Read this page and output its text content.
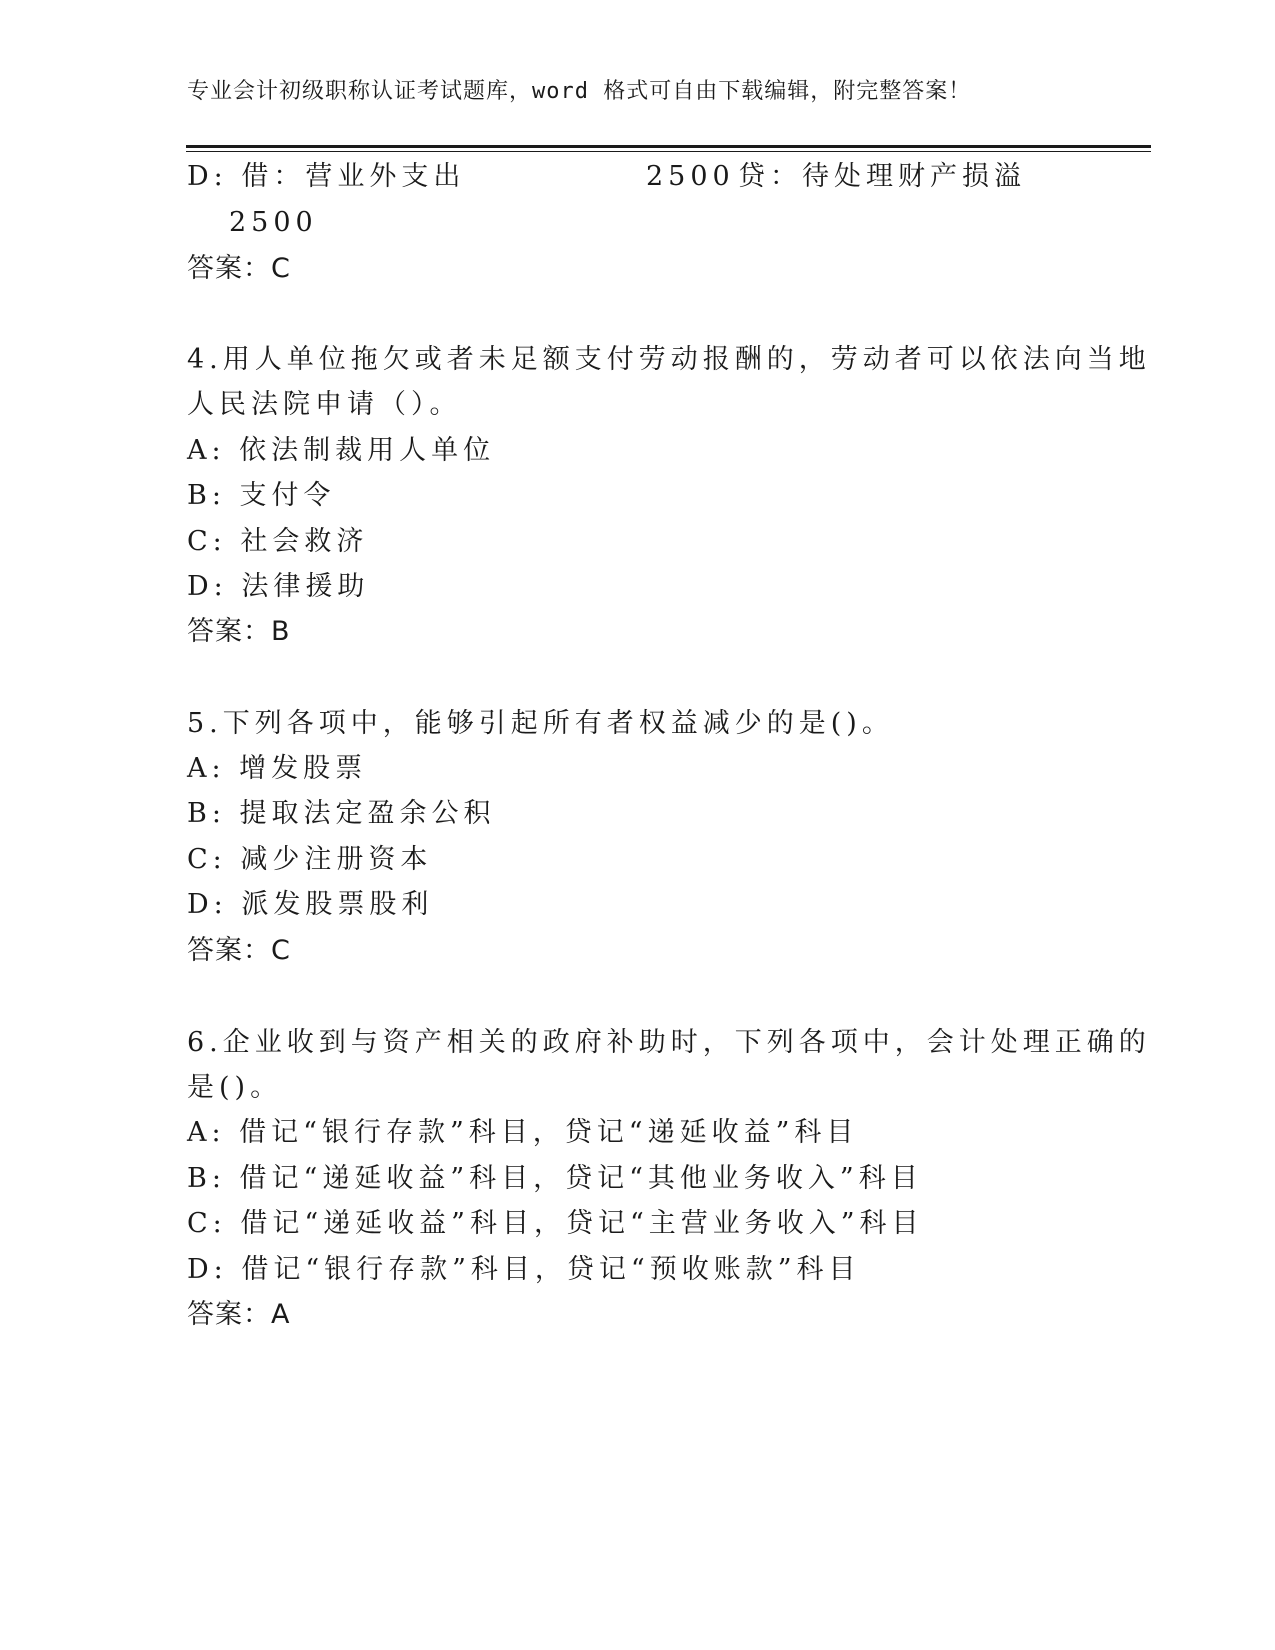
专业会计初级职称认证考试题库，word 格式可自由下载编辑，附完整答案！
D: 借：营业外支出	2500 贷：待处理财产损溢
2500
答案：C
4.用人单位拖欠或者未足额支付劳动报酬的，劳动者可以依法向当地
人民法院申请（）。
A: 依法制裁用人单位
B: 支付令
C: 社会救济
D: 法律援助
答案：B
5.下列各项中，能够引起所有者权益减少的是()。
A: 增发股票
B: 提取法定盈余公积
C: 减少注册资本
D: 派发股票股利
答案：C
6.企业收到与资产相关的政府补助时，下列各项中，会计处理正确的
是()。
A: 借记“银行存款”科目，贷记“递延收益”科目
B: 借记“递延收益”科目，贷记“其他业务收入”科目
C: 借记“递延收益”科目，贷记“主营业务收入”科目
D: 借记“银行存款”科目，贷记“预收账款”科目
答案：A
